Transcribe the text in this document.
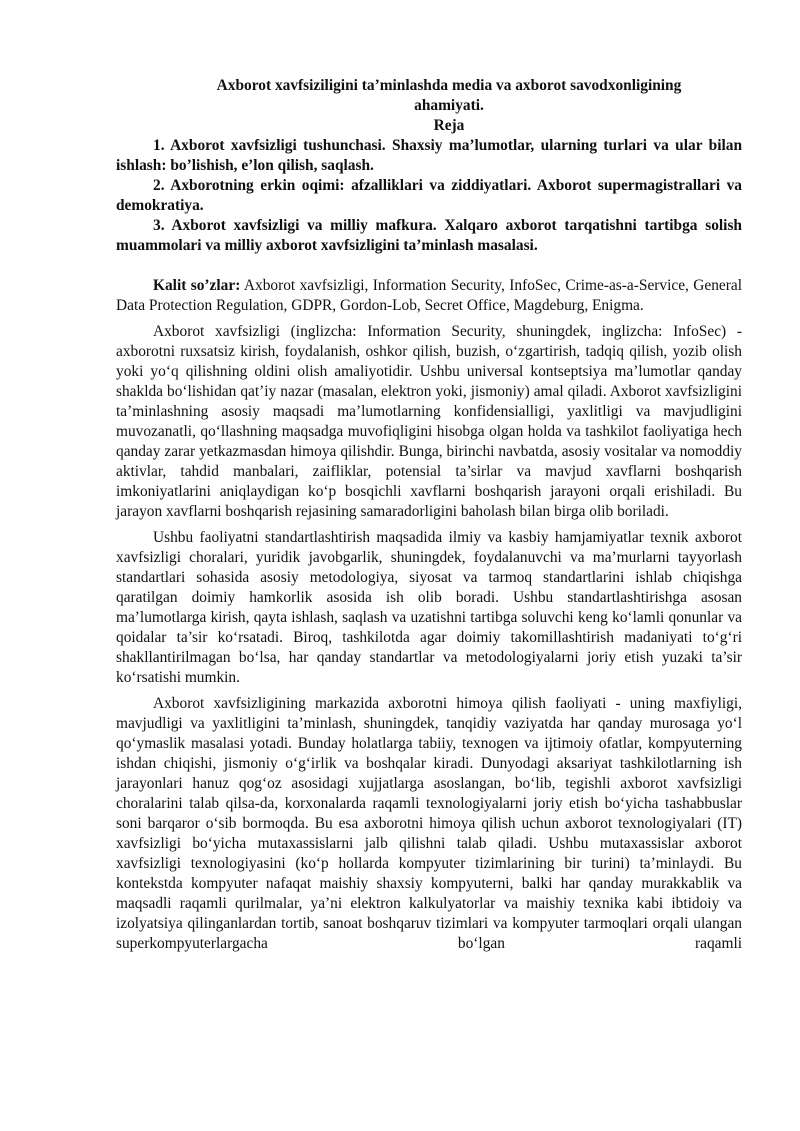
Axborot xavfsiziligini ta’minlashda media va axborot savodxonligining
ahamiyati.
Reja

1. Axborot xavfsizligi tushunchasi. Shaxsiy ma’lumotlar, ularning turlari va ular bilan ishlash: bo’lishish, e’lon qilish, saqlash.

2. Axborotning erkin oqimi: afzalliklari va ziddiyatlari. Axborot supermagistrallari va demokratiya.

3. Axborot xavfsizligi va milliy mafkura. Xalqaro axborot tarqatishni tartibga solish muammolari va milliy axborot xavfsizligini ta’minlash masalasi.

Kalit so’zlar: Axborot xavfsizligi, Information Security, InfoSec, Crime-as-a-Service, General Data Protection Regulation, GDPR, Gordon-Lob, Secret Office, Magdeburg, Enigma.

Axborot xavfsizligi (inglizcha: Information Security, shuningdek, inglizcha: InfoSec) - axborotni ruxsatsiz kirish, foydalanish, oshkor qilish, buzish, o‘zgartirish, tadqiq qilish, yozib olish yoki yo‘q qilishning oldini olish amaliyotidir. Ushbu universal kontseptsiya ma’lumotlar qanday shaklda bo‘lishidan qat’iy nazar (masalan, elektron yoki, jismoniy) amal qiladi. Axborot xavfsizligini ta’minlashning asosiy maqsadi ma’lumotlarning konfidensialligi, yaxlitligi va mavjudligini muvozanatli, qo‘llashning maqsadga muvofiqligini hisobga olgan holda va tashkilot faoliyatiga hech qanday zarar yetkazmasdan himoya qilishdir. Bunga, birinchi navbatda, asosiy vositalar va nomoddiy aktivlar, tahdid manbalari, zaifliklar, potensial ta’sirlar va mavjud xavflarni boshqarish imkoniyatlarini aniqlaydigan ko‘p bosqichli xavflarni boshqarish jarayoni orqali erishiladi. Bu jarayon xavflarni boshqarish rejasining samaradorligini baholash bilan birga olib boriladi.

Ushbu faoliyatni standartlashtirish maqsadida ilmiy va kasbiy hamjamiyatlar texnik axborot xavfsizligi choralari, yuridik javobgarlik, shuningdek, foydalanuvchi va ma’murlarni tayyorlash standartlari sohasida asosiy metodologiya, siyosat va tarmoq standartlarini ishlab chiqishga qaratilgan doimiy hamkorlik asosida ish olib boradi. Ushbu standartlashtirishga asosan ma’lumotlarga kirish, qayta ishlash, saqlash va uzatishni tartibga soluvchi keng ko‘lamli qonunlar va qoidalar ta’sir ko‘rsatadi. Biroq, tashkilotda agar doimiy takomillashtirish madaniyati to‘g‘ri shakllantirilmagan bo‘lsa, har qanday standartlar va metodologiyalarni joriy etish yuzaki ta’sir ko‘rsatishi mumkin.

Axborot xavfsizligining markazida axborotni himoya qilish faoliyati - uning maxfiyligi, mavjudligi va yaxlitligini ta’minlash, shuningdek, tanqidiy vaziyatda har qanday murosaga yo‘l qo‘ymaslik masalasi yotadi. Bunday holatlarga tabiiy, texnogen va ijtimoiy ofatlar, kompyuterning ishdan chiqishi, jismoniy o‘g‘irlik va boshqalar kiradi. Dunyodagi aksariyat tashkilotlarning ish jarayonlari hanuz qog‘oz asosidagi xujjatlarga asoslangan, bo‘lib, tegishli axborot xavfsizligi choralarini talab qilsa-da, korxonalarda raqamli texnologiyalarni joriy etish bo‘yicha tashabbuslar soni barqaror o‘sib bormoqda. Bu esa axborotni himoya qilish uchun axborot texnologiyalari (IT) xavfsizligi bo‘yicha mutaxassislarni jalb qilishni talab qiladi. Ushbu mutaxassislar axborot xavfsizligi texnologiyasini (ko‘p hollarda kompyuter tizimlarining bir turini) ta’minlaydi. Bu kontekstda kompyuter nafaqat maishiy shaxsiy kompyuterni, balki har qanday murakkablik va maqsadli raqamli qurilmalar, ya’ni elektron kalkulyatorlar va maishiy texnika kabi ibtidoiy va izolyatsiya qilinganlardan tortib, sanoat boshqaruv tizimlari va kompyuter tarmoqlari orqali ulangan superkompyuterlargacha bo‘lgan raqamli
